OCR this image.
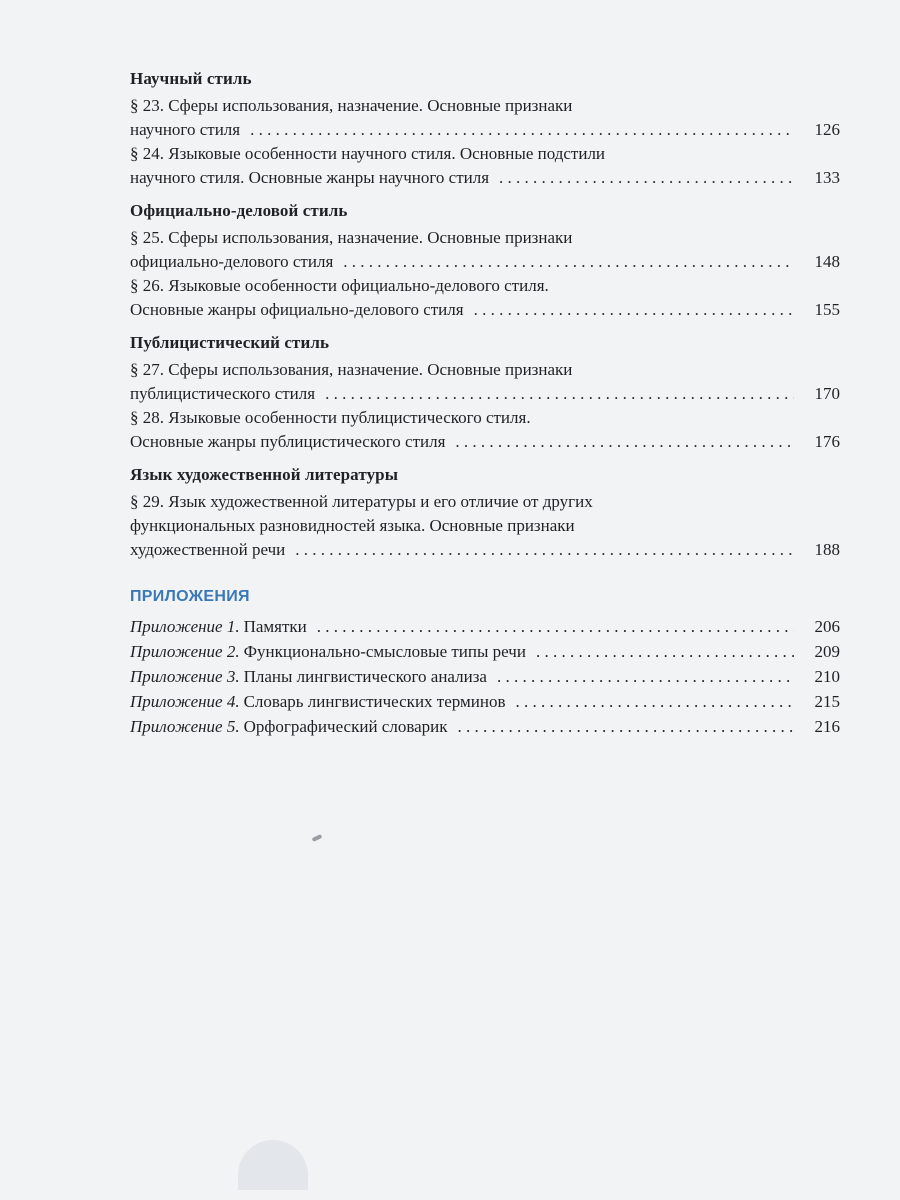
Научный стиль
§ 23. Сферы использования, назначение. Основные признаки
научного стиля . . .	126
§ 24. Языковые особенности научного стиля. Основные подстили
научного стиля. Основные жанры научного стиля . . .	133
Официально-деловой стиль
§ 25. Сферы использования, назначение. Основные признаки
официально-делового стиля . . .	148
§ 26. Языковые особенности официально-делового стиля.
Основные жанры официально-делового стиля . . .	155
Публицистический стиль
§ 27. Сферы использования, назначение. Основные признаки
публицистического стиля . . .	170
§ 28. Языковые особенности публицистического стиля.
Основные жанры публицистического стиля . . .	176
Язык художественной литературы
§ 29. Язык художественной литературы и его отличие от других
функциональных разновидностей языка. Основные признаки
художественной речи . . .	188
ПРИЛОЖЕНИЯ
Приложение 1. Памятки . . .	206
Приложение 2. Функционально-смысловые типы речи . . .	209
Приложение 3. Планы лингвистического анализа . . .	210
Приложение 4. Словарь лингвистических терминов . . .	215
Приложение 5. Орфографический словарик . . .	216
